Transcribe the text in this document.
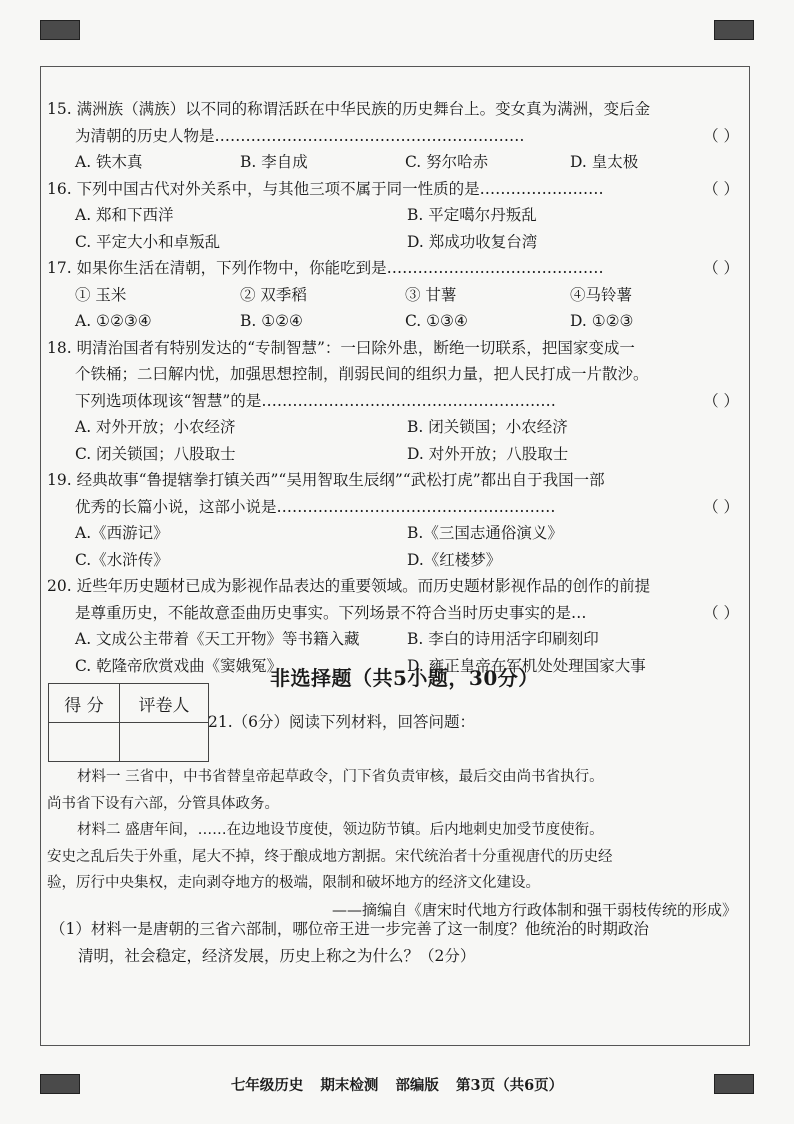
15. 满洲族（满族）以不同的称谓活跃在中华民族的历史舞台上。变女真为满洲，变后金
为清朝的历史人物是……………………………………………………	（ ）
A. 铁木真	B. 李自成	C. 努尔哈赤	D. 皇太极
16. 下列中国古代对外关系中，与其他三项不属于同一性质的是……………………	（ ）
A. 郑和下西洋	B. 平定噶尔丹叛乱
C. 平定大小和卓叛乱	D. 郑成功收复台湾
17. 如果你生活在清朝，下列作物中，你能吃到是……………………………………	（ ）
① 玉米	② 双季稻	③ 甘薯	④马铃薯
A. ①②③④	B. ①②④	C. ①③④	D. ①②③
18. 明清治国者有特别发达的“专制智慧”：一曰除外患，断绝一切联系，把国家变成一
个铁桶；二曰解内忧，加强思想控制，削弱民间的组织力量，把人民打成一片散沙。
下列选项体现该“智慧”的是…………………………………………………	（ ）
A. 对外开放；小农经济	B. 闭关锁国；小农经济
C. 闭关锁国；八股取士	D. 对外开放；八股取士
19. 经典故事“鲁提辖拳打镇关西”“吴用智取生辰纲”“武松打虎”都出自于我国一部
优秀的长篇小说，这部小说是………………………………………………	（ ）
A.《西游记》	B.《三国志通俗演义》
C.《水浒传》	D.《红楼梦》
20. 近些年历史题材已成为影视作品表达的重要领域。而历史题材影视作品的创作的前提
是尊重历史，不能故意歪曲历史事实。下列场景不符合当时历史事实的是…	（ ）
A. 文成公主带着《天工开物》等书籍入藏	B. 李白的诗用活字印刷刻印
C. 乾隆帝欣赏戏曲《窦娥冤》	D. 雍正皇帝在军机处处理国家大事
非选择题（共5小题，30分）
得 分	评卷人

21.（6分）阅读下列材料，回答问题：
材料一 三省中，中书省替皇帝起草政令，门下省负责审核，最后交由尚书省执行。
尚书省下设有六部，分管具体政务。
材料二 盛唐年间，……在边地设节度使，领边防节镇。后内地刺史加受节度使衔。
安史之乱后失于外重，尾大不掉，终于酿成地方割据。宋代统治者十分重视唐代的历史经
验，厉行中央集权，走向剥夺地方的极端，限制和破坏地方的经济文化建设。
——摘编自《唐宋时代地方行政体制和强干弱枝传统的形成》
（1）材料一是唐朝的三省六部制，哪位帝王进一步完善了这一制度？他统治的时期政治
清明，社会稳定，经济发展，历史上称之为什么？（2分）
七年级历史 期末检测 部编版 第3页（共6页）
